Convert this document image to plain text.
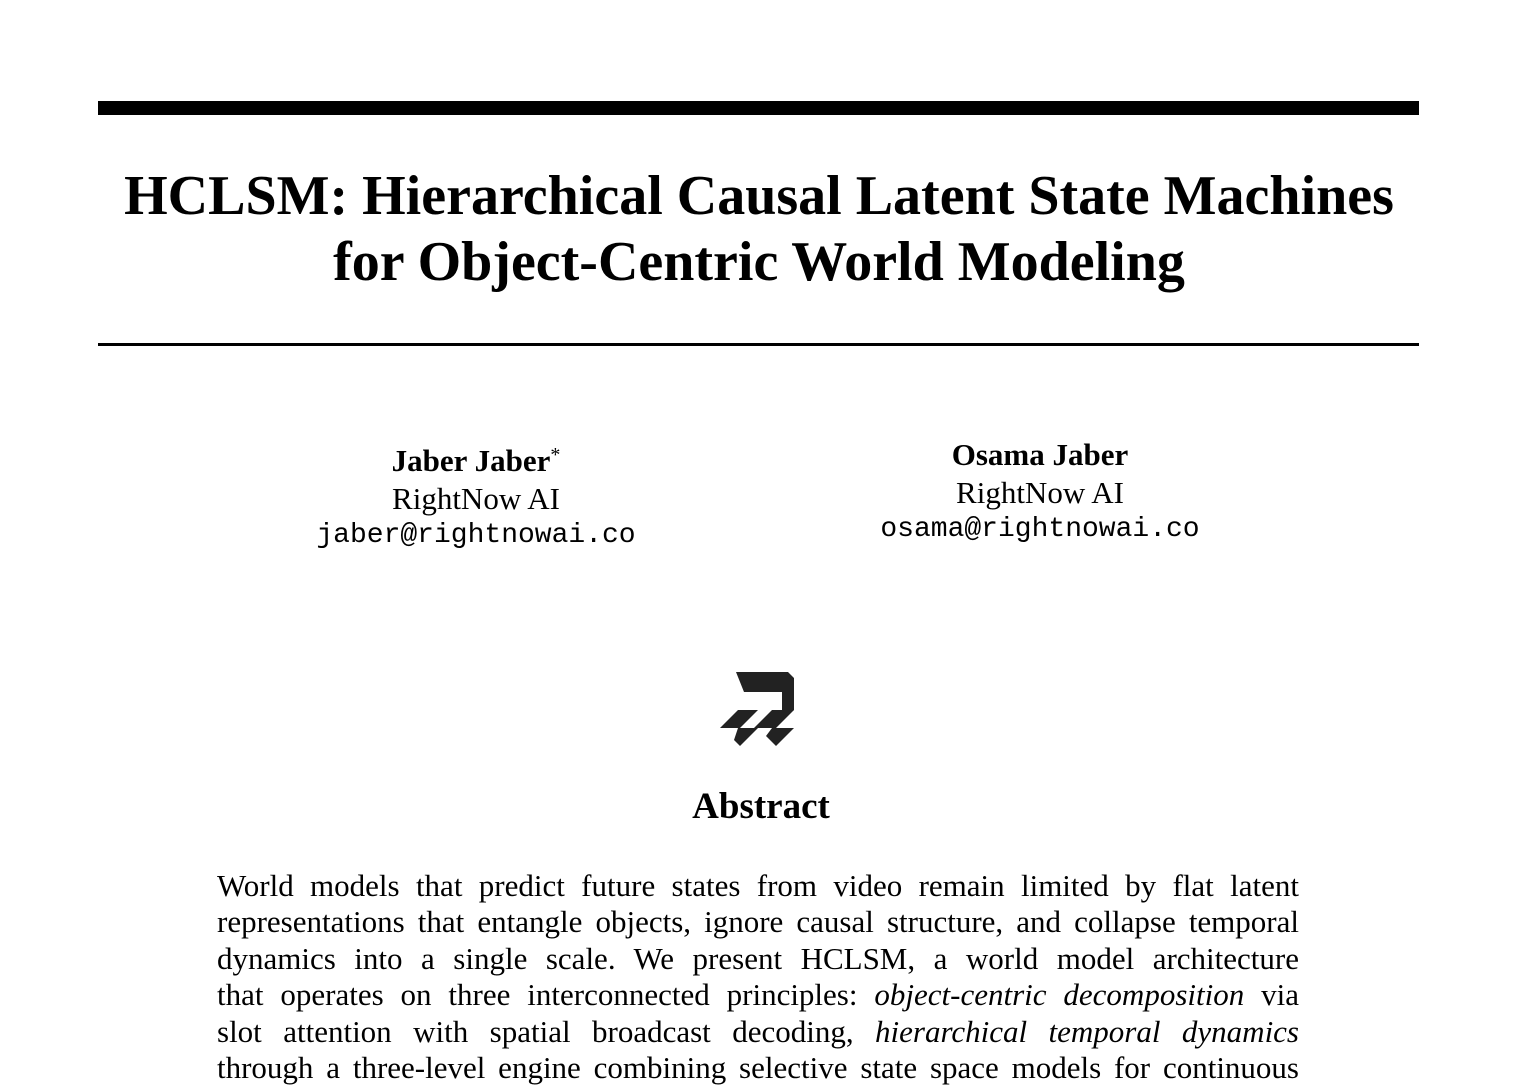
HCLSM: Hierarchical Causal Latent State Machines
for Object-Centric World Modeling
Jaber Jaber*
RightNow AI
jaber@rightnowai.co
Osama Jaber
RightNow AI
osama@rightnowai.co
Abstract
World models that predict future states from video remain limited by flat latent
representations that entangle objects, ignore causal structure, and collapse temporal
dynamics into a single scale. We present HCLSM, a world model architecture
that operates on three interconnected principles: object-centric decomposition via
slot attention with spatial broadcast decoding, hierarchical temporal dynamics
through a three-level engine combining selective state space models for continuous
